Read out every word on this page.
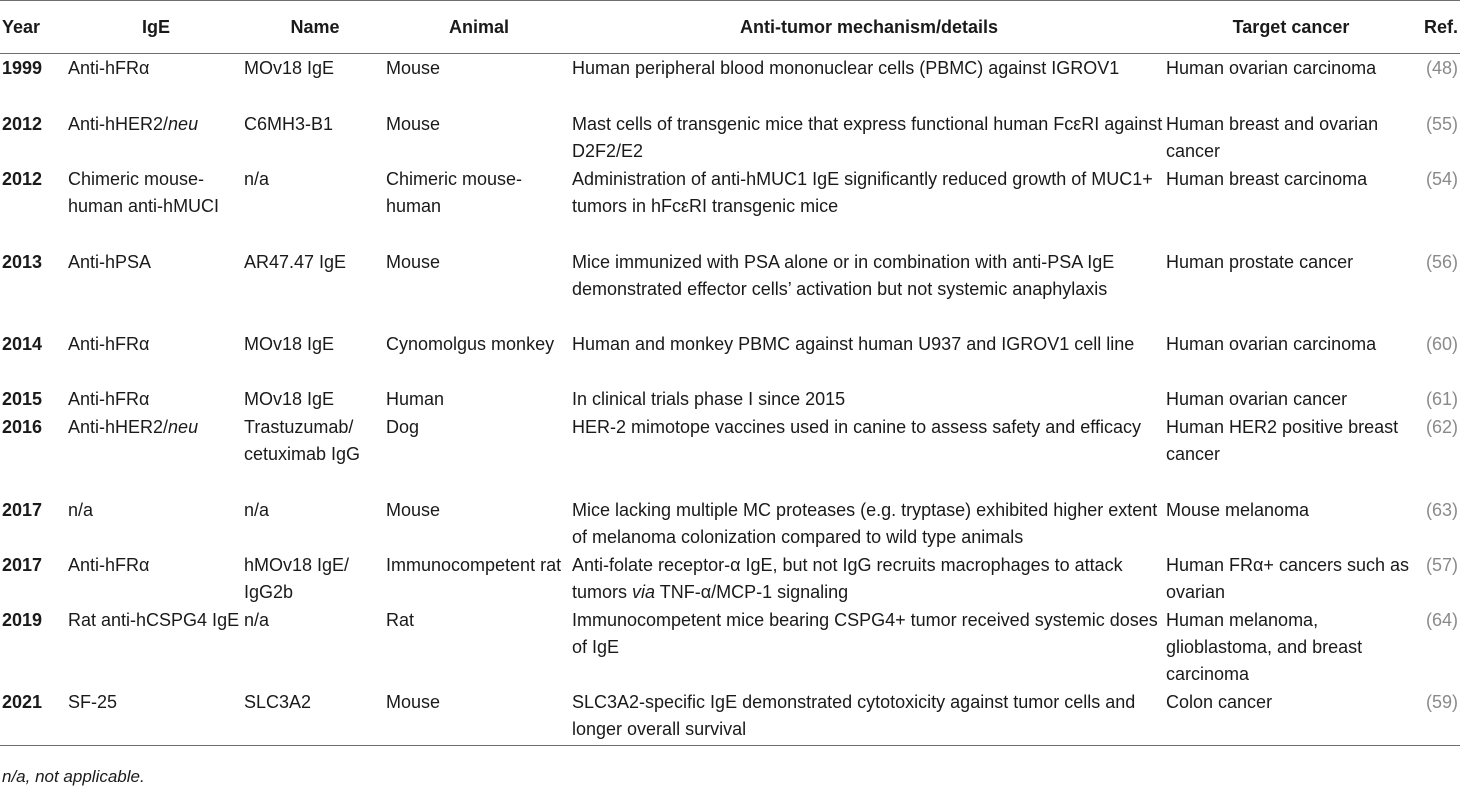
Year	IgE	Name	Animal	Anti-tumor mechanism/details	Target cancer	Ref.
1999	Anti-hFRα	MOv18 IgE	Mouse	Human peripheral blood mononuclear cells (PBMC) against IGROV1	Human ovarian carcinoma	(48)
2012	Anti-hHER2/neu	C6MH3-B1	Mouse	Mast cells of transgenic mice that express functional human FcεRI against D2F2/E2	Human breast and ovarian cancer	(55)
2012	Chimeric mouse-human anti-hMUCI	n/a	Chimeric mouse-human	Administration of anti-hMUC1 IgE significantly reduced growth of MUC1+ tumors in hFcεRI transgenic mice	Human breast carcinoma	(54)
2013	Anti-hPSA	AR47.47 IgE	Mouse	Mice immunized with PSA alone or in combination with anti-PSA IgE demonstrated effector cells’ activation but not systemic anaphylaxis	Human prostate cancer	(56)
2014	Anti-hFRα	MOv18 IgE	Cynomolgus monkey	Human and monkey PBMC against human U937 and IGROV1 cell line	Human ovarian carcinoma	(60)
2015	Anti-hFRα	MOv18 IgE	Human	In clinical trials phase I since 2015	Human ovarian cancer	(61)
2016	Anti-hHER2/neu	Trastuzumab/ cetuximab IgG	Dog	HER-2 mimotope vaccines used in canine to assess safety and efficacy	Human HER2 positive breast cancer	(62)
2017	n/a	n/a	Mouse	Mice lacking multiple MC proteases (e.g. tryptase) exhibited higher extent of melanoma colonization compared to wild type animals	Mouse melanoma	(63)
2017	Anti-hFRα	hMOv18 IgE/ IgG2b	Immunocompetent rat	Anti-folate receptor-α IgE, but not IgG recruits macrophages to attack tumors via TNF-α/MCP-1 signaling	Human FRα+ cancers such as ovarian	(57)
2019	Rat anti-hCSPG4 IgE	n/a	Rat	Immunocompetent mice bearing CSPG4+ tumor received systemic doses of IgE	Human melanoma, glioblastoma, and breast carcinoma	(64)
2021	SF-25	SLC3A2	Mouse	SLC3A2-specific IgE demonstrated cytotoxicity against tumor cells and longer overall survival	Colon cancer	(59)
n/a, not applicable.
